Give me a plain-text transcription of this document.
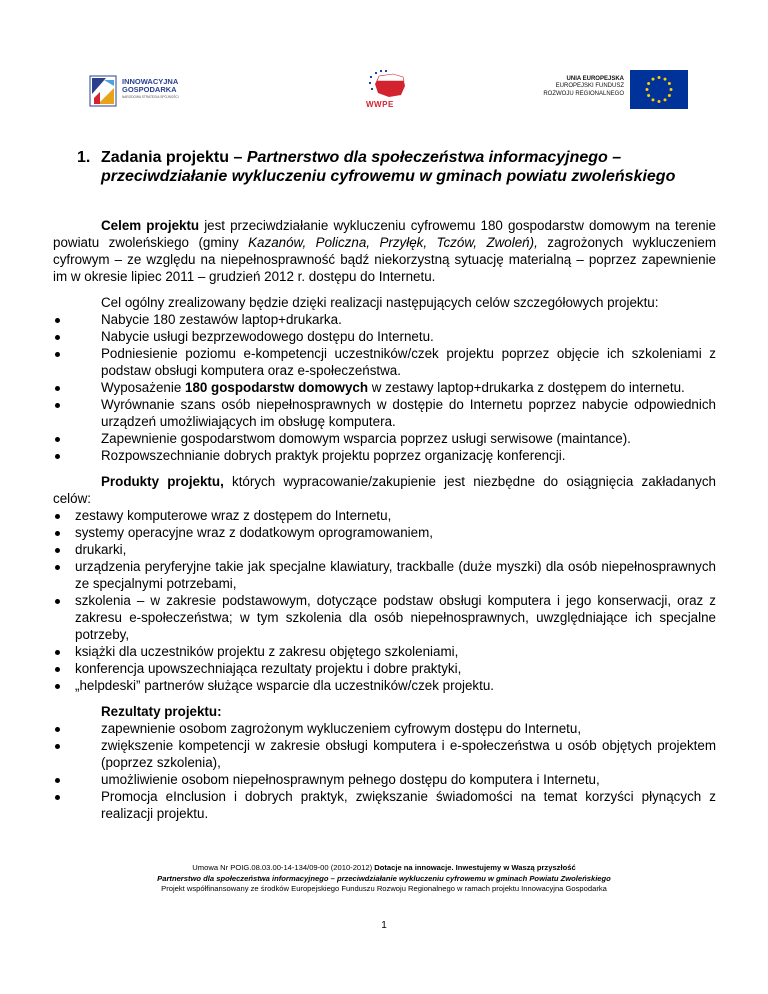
INNOWACYJNA
GOSPODARKA
NARODOWA STRATEGIA SPÓJNOŚCI
WWPE
UNIA EUROPEJSKA
EUROPEJSKI FUNDUSZ
ROZWOJU REGIONALNEGO
1. Zadania projektu – Partnerstwo dla społeczeństwa informacyjnego – przeciwdziałanie wykluczeniu cyfrowemu w gminach powiatu zwoleńskiego

Celem projektu jest przeciwdziałanie wykluczeniu cyfrowemu 180 gospodarstw domowym na terenie powiatu zwoleńskiego (gminy Kazanów, Policzna, Przyłęk, Tczów, Zwoleń), zagrożonych wykluczeniem cyfrowym – ze względu na niepełnosprawność bądź niekorzystną sytuację materialną – poprzez zapewnienie im w okresie lipiec 2011 – grudzień 2012 r. dostępu do Internetu.

Cel ogólny zrealizowany będzie dzięki realizacji następujących celów szczegółowych projektu:

Nabycie 180 zestawów laptop+drukarka.
Nabycie usługi bezprzewodowego dostępu do Internetu.
Podniesienie poziomu e-kompetencji uczestników/czek projektu poprzez objęcie ich szkoleniami z podstaw obsługi komputera oraz e-społeczeństwa.
Wyposażenie 180 gospodarstw domowych w zestawy laptop+drukarka z dostępem do internetu.
Wyrównanie szans osób niepełnosprawnych w dostępie do Internetu poprzez nabycie odpowiednich urządzeń umożliwiających im obsługę komputera.
Zapewnienie gospodarstwom domowym wsparcia poprzez usługi serwisowe (maintance).
Rozpowszechnianie dobrych praktyk projektu poprzez organizację konferencji.

Produkty projektu, których wypracowanie/zakupienie jest niezbędne do osiągnięcia zakładanych celów:

zestawy komputerowe wraz z dostępem do Internetu,
systemy operacyjne wraz z dodatkowym oprogramowaniem,
drukarki,
urządzenia peryferyjne takie jak specjalne klawiatury, trackballe (duże myszki) dla osób niepełnosprawnych ze specjalnymi potrzebami,
szkolenia – w zakresie podstawowym, dotyczące podstaw obsługi komputera i jego konserwacji, oraz z zakresu e-społeczeństwa; w tym szkolenia dla osób niepełnosprawnych, uwzględniające ich specjalne potrzeby,
książki dla uczestników projektu z zakresu objętego szkoleniami,
konferencja upowszechniająca rezultaty projektu i dobre praktyki,
„helpdeski” partnerów służące wsparcie dla uczestników/czek projektu.

Rezultaty projektu:

zapewnienie osobom zagrożonym wykluczeniem cyfrowym dostępu do Internetu,
zwiększenie kompetencji w zakresie obsługi komputera i e-społeczeństwa u osób objętych projektem (poprzez szkolenia),
umożliwienie osobom niepełnosprawnym pełnego dostępu do komputera i Internetu,
Promocja eInclusion i dobrych praktyk, zwiększanie świadomości na temat korzyści płynących z realizacji projektu.
Umowa Nr POIG.08.03.00-14-134/09-00 (2010-2012) Dotacje na innowacje. Inwestujemy w Waszą przyszłość
Partnerstwo dla społeczeństwa informacyjnego – przeciwdziałanie wykluczeniu cyfrowemu w gminach Powiatu Zwoleńskiego
Projekt współfinansowany ze środków Europejskiego Funduszu Rozwoju Regionalnego w ramach projektu Innowacyjna Gospodarka
1
